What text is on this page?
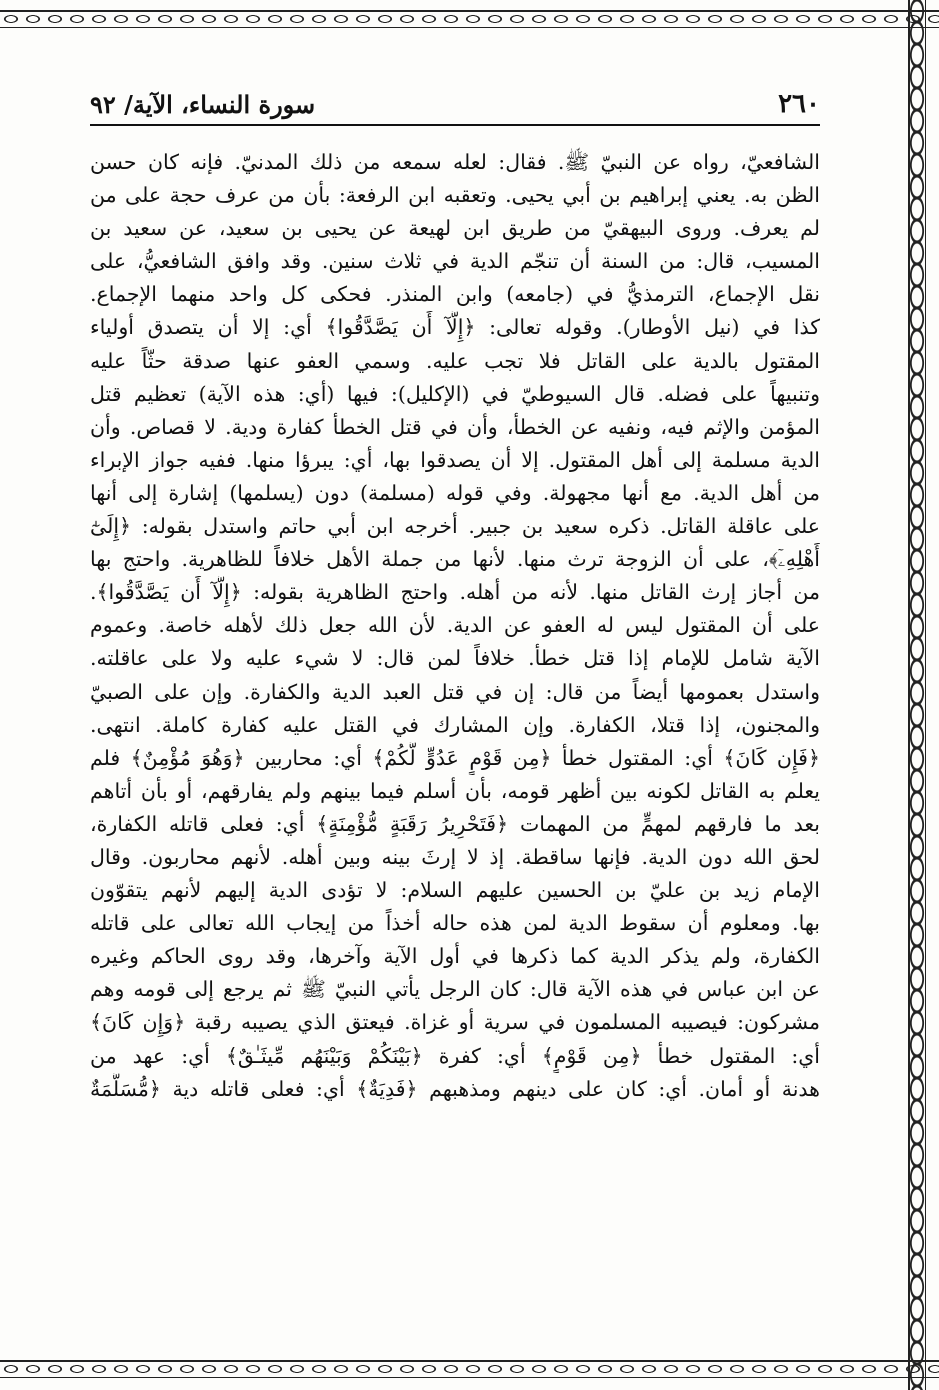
٢٦٠
سورة النساء، الآية/ ٩٢
الشافعيّ، رواه عن النبيّ ﷺ. فقال: لعله سمعه من ذلك المدنيّ. فإنه كان حسن
الظن به. يعني إبراهيم بن أبي يحيى. وتعقبه ابن الرفعة: بأن من عرف حجة على من
لم يعرف. وروى البيهقيّ من طريق ابن لهيعة عن يحيى بن سعيد، عن سعيد بن
المسيب، قال: من السنة أن تنجّم الدية في ثلاث سنين. وقد وافق الشافعيُّ، على
نقل الإجماع، الترمذيُّ في (جامعه) وابن المنذر. فحكى كل واحد منهما الإجماع.
كذا في (نيل الأوطار). وقوله تعالى: ﴿إِلَّآ أَن يَصَّدَّقُوا﴾ أي: إلا أن يتصدق أولياء
المقتول بالدية على القاتل فلا تجب عليه. وسمي العفو عنها صدقة حثّاً عليه
وتنبيهاً على فضله. قال السيوطيّ في (الإكليل): فيها (أي: هذه الآية) تعظيم قتل
المؤمن والإثم فيه، ونفيه عن الخطأ، وأن في قتل الخطأ كفارة ودية. لا قصاص. وأن
الدية مسلمة إلى أهل المقتول. إلا أن يصدقوا بها، أي: يبرؤا منها. ففيه جواز الإبراء
من أهل الدية. مع أنها مجهولة. وفي قوله (مسلمة) دون (يسلمها) إشارة إلى أنها
على عاقلة القاتل. ذكره سعيد بن جبير. أخرجه ابن أبي حاتم واستدل بقوله: ﴿إِلَىٰٓ
أَهْلِهِۦٓ﴾، على أن الزوجة ترث منها. لأنها من جملة الأهل خلافاً للظاهرية. واحتج بها
من أجاز إرث القاتل منها. لأنه من أهله. واحتج الظاهرية بقوله: ﴿إِلَّآ أَن يَصَّدَّقُوا﴾.
على أن المقتول ليس له العفو عن الدية. لأن الله جعل ذلك لأهله خاصة. وعموم
الآية شامل للإمام إذا قتل خطأ. خلافاً لمن قال: لا شيء عليه ولا على عاقلته.
واستدل بعمومها أيضاً من قال: إن في قتل العبد الدية والكفارة. وإن على الصبيّ
والمجنون، إذا قتلا، الكفارة. وإن المشارك في القتل عليه كفارة كاملة. انتهى.
﴿فَإِن كَانَ﴾ أي: المقتول خطأ ﴿مِن قَوْمٍ عَدُوٍّ لَّكُمْ﴾ أي: محاربين ﴿وَهُوَ مُؤْمِنٌ﴾ فلم
يعلم به القاتل لكونه بين أظهر قومه، بأن أسلم فيما بينهم ولم يفارقهم، أو بأن أتاهم
بعد ما فارقهم لمهمٍّ من المهمات ﴿فَتَحْرِيرُ رَقَبَةٍ مُّؤْمِنَةٍ﴾ أي: فعلى قاتله الكفارة،
لحق الله دون الدية. فإنها ساقطة. إذ لا إرثَ بينه وبين أهله. لأنهم محاربون. وقال
الإمام زيد بن عليّ بن الحسين عليهم السلام: لا تؤدى الدية إليهم لأنهم يتقوّون
بها. ومعلوم أن سقوط الدية لمن هذه حاله أخذاً من إيجاب الله تعالى على قاتله
الكفارة، ولم يذكر الدية كما ذكرها في أول الآية وآخرها، وقد روى الحاكم وغيره
عن ابن عباس في هذه الآية قال: كان الرجل يأتي النبيّ ﷺ ثم يرجع إلى قومه وهم
مشركون: فيصيبه المسلمون في سرية أو غزاة. فيعتق الذي يصيبه رقبة ﴿وَإِن كَانَ﴾
أي: المقتول خطأ ﴿مِن قَوْمٍ﴾ أي: كفرة ﴿بَيْنَكُمْ وَبَيْنَهُم مِّيثَـٰقٌ﴾ أي: عهد من
هدنة أو أمان. أي: كان على دينهم ومذهبهم ﴿فَدِيَةٌ﴾ أي: فعلى قاتله دية ﴿مُّسَلَّمَةٌ
